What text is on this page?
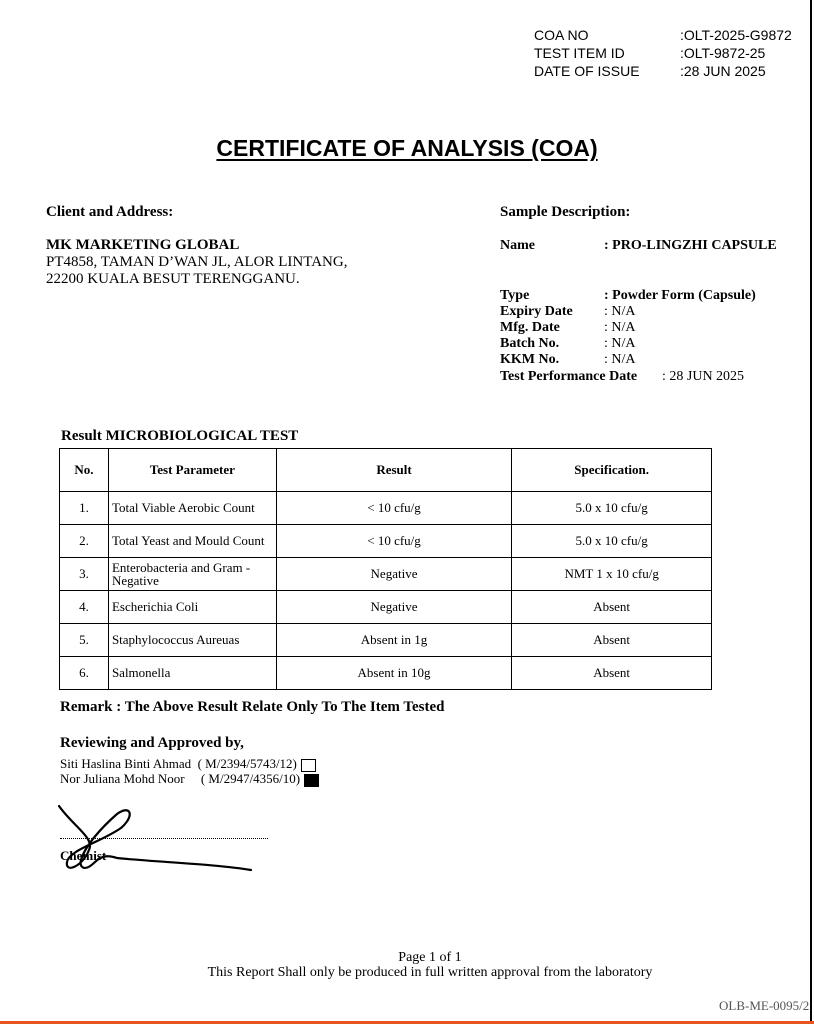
COA NO	:OLT-2025-G9872
TEST ITEM ID	:OLT-9872-25
DATE OF ISSUE	:28 JUN 2025
CERTIFICATE OF ANALYSIS (COA)
Client and Address:
MK MARKETING GLOBAL
PT4858, TAMAN D’WAN JL, ALOR LINTANG,
22200 KUALA BESUT TERENGGANU.
Sample Description:
Name	: PRO-LINGZHI CAPSULE
Type	: Powder Form (Capsule)
Expiry Date : N/A
Mfg. Date	: N/A
Batch No.	: N/A
KKM No.	: N/A
Test Performance Date : 28 JUN 2025
Result MICROBIOLOGICAL TEST
No.	Test Parameter	Result	Specification.
1.	Total Viable Aerobic Count	< 10 cfu/g	5.0 x 10 cfu/g
2.	Total Yeast and Mould Count	< 10 cfu/g	5.0 x 10 cfu/g
3.	Enterobacteria and Gram - Negative	Negative	NMT 1 x 10 cfu/g
4.	Escherichia Coli	Negative	Absent
5.	Staphylococcus Aureuas	Absent in 1g	Absent
6.	Salmonella	Absent in 10g	Absent
Remark : The Above Result Relate Only To The Item Tested
Reviewing and Approved by,
Siti Haslina Binti Ahmad  ( M/2394/5743/12)
Nor Juliana Mohd Noor     ( M/2947/4356/10)
Chemist
Page 1 of 1
This Report Shall only be produced in full written approval from the laboratory
OLB-ME-0095/2
